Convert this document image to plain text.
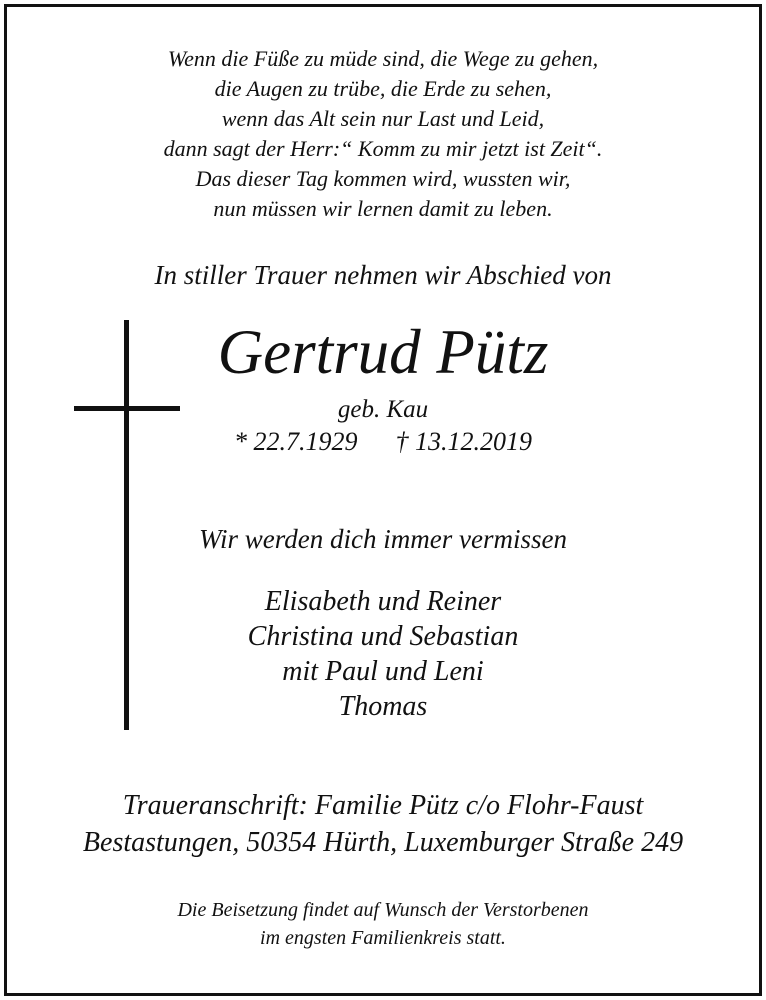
Wenn die Füße zu müde sind, die Wege zu gehen,
die Augen zu trübe, die Erde zu sehen,
wenn das Alt sein nur Last und Leid,
dann sagt der Herr:“ Komm zu mir jetzt ist Zeit“.
Das dieser Tag kommen wird, wussten wir,
nun müssen wir lernen damit zu leben.
In stiller Trauer nehmen wir Abschied von
Gertrud Pütz
geb. Kau
* 22.7.1929 † 13.12.2019
Wir werden dich immer vermissen
Elisabeth und Reiner
Christina und Sebastian
mit Paul und Leni
Thomas
Traueranschrift: Familie Pütz c/o Flohr-Faust
Bestastungen, 50354 Hürth, Luxemburger Straße 249
Die Beisetzung findet auf Wunsch der Verstorbenen
im engsten Familienkreis statt.
